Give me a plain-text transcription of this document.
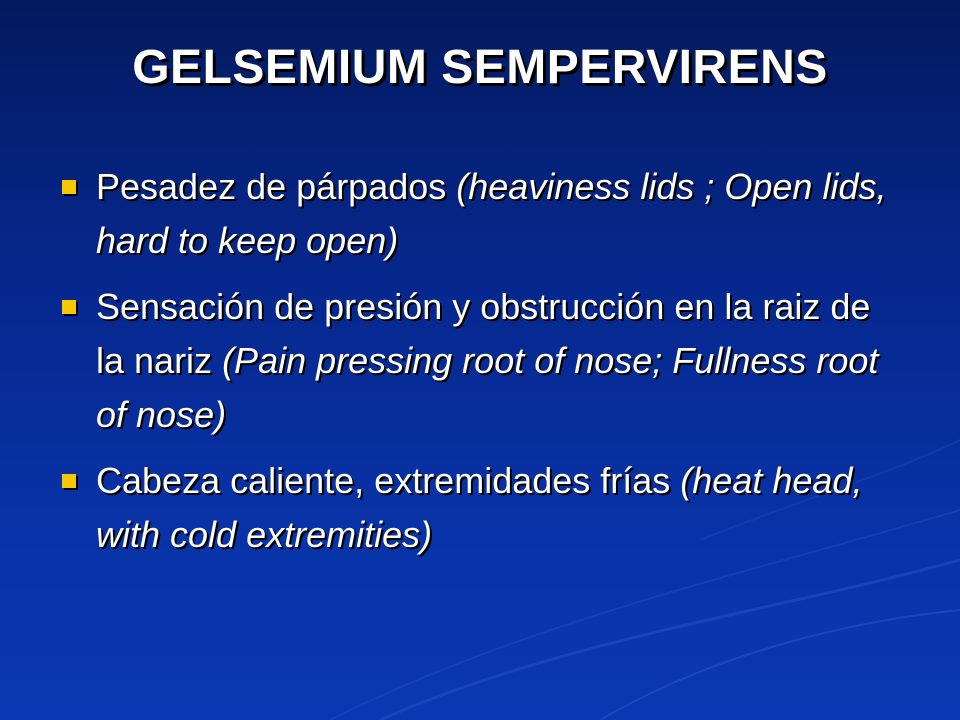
GELSEMIUM SEMPERVIRENS
Pesadez de párpados (heaviness lids ; Open lids, hard to keep open)
Sensación de presión y obstrucción en la raiz de la nariz (Pain pressing root of nose; Fullness root of nose)
Cabeza caliente, extremidades frías (heat head, with cold extremities)
